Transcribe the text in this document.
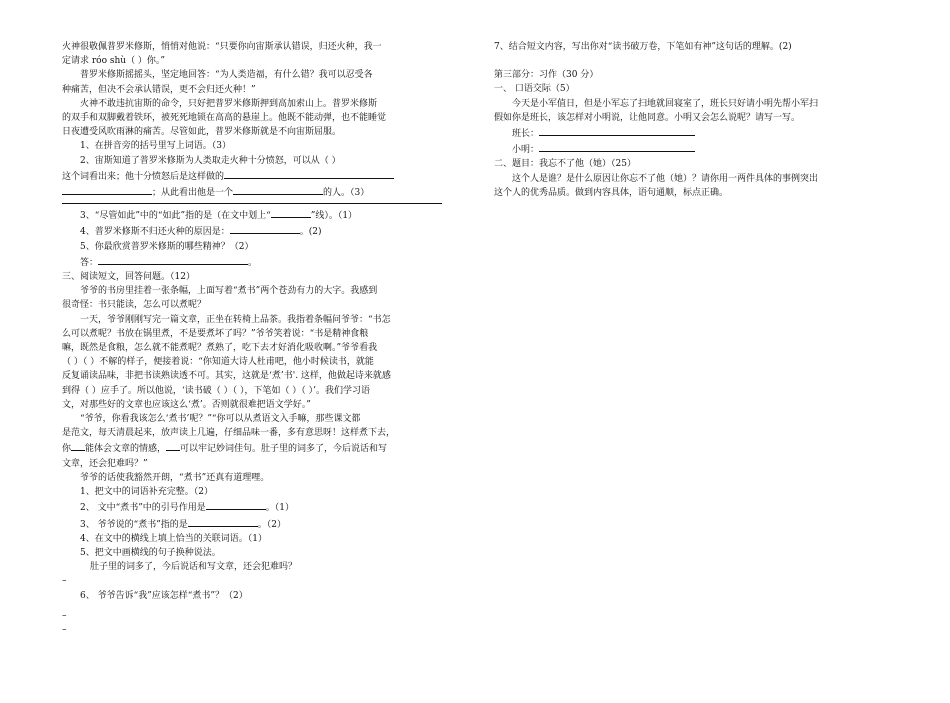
火神很敬佩普罗米修斯，悄悄对他说：“只要你向宙斯承认错误，归还火种，我一

定请求 róo shù（ ）你。”

普罗米修斯摇摇头，坚定地回答：“为人类造福，有什么错？我可以忍受各

种痛苦，但决不会承认错误，更不会归还火种！”

火神不敢违抗宙斯的命令，只好把普罗米修斯押到高加索山上。普罗米修斯

的双手和双脚戴着铁环，被死死地锁在高高的悬崖上。他既不能动弹，也不能睡觉

日夜遭受风吹雨淋的痛苦。尽管如此，普罗米修斯就是不向宙斯屈服。

1、在拼音旁的括号里写上词语。（3）

2、宙斯知道了普罗米修斯为人类取走火种十分愤怒，可以从（ ）

这个词看出来；他十分愤怒后是这样做的

；从此看出他是一个	的人。（3）

3、“尽管如此”中的“如此”指的是（在文中划上“	”线）。（1）

4、普罗米修斯不归还火种的原因是：	。(2)

5、你最欣赏普罗米修斯的哪些精神？（2）

答：	。

三、阅读短文，回答问题。（12）

爷爷的书房里挂着一张条幅，上面写着“煮书”两个苍劲有力的大字。我感到

很奇怪：书只能读，怎么可以煮呢？

一天，爷爷刚刚写完一篇文章，正坐在转椅上品茶。我指着条幅问爷爷：“书怎

么可以煮呢？书放在锅里煮，不是要煮坏了吗？”爷爷笑着说：“书是精神食粮

嘛，既然是食粮，怎么就不能煮呢？煮熟了，吃下去才好消化吸收啊。”爷爷看我

（ ）（ ）不解的样子，便接着说：“你知道大诗人杜甫吧，他小时候读书，就能

反复诵读品味，非把书读熟读透不可。其实，这就是‘煮’书'. 这样，他做起诗来就感

到得（ ）应手了。所以他说，‘读书破（ ）（ ），下笔如（ ）（ ）’。我们学习语

文，对那些好的文章也应该这么‘煮’。否则就很难把语文学好。”

“爷爷，你看我该怎么‘煮书’呢？”“你可以从煮语文入手嘛，那些课文都

是范文，每天清晨起来，放声读上几遍，仔细品味一番，多有意思呀！这样煮下去，

你 能体会文章的情感， 可以牢记妙词佳句。肚子里的词多了，今后说话和写

文章，还会犯难吗？”

爷爷的话使我豁然开朗，“煮书”还真有道理哩。

1、把文中的词语补充完整。（2）

2、 文中“煮书”中的引号作用是	。（1）

3、 爷爷说的“煮书”指的是	。（2）

4、在文中的横线上填上恰当的关联词语。（1）

5、把文中画横线的句子换种说法。

肚子里的词多了，今后说话和写文章，还会犯难吗？

–

6、 爷爷告诉“我”应该怎样“煮书”？（2）

–

–

7、结合短文内容，写出你对“读书破万卷，下笔如有神”这句话的理解。(2)

第三部分：习作（30 分）

一、 口语交际（5）

今天是小军值日，但是小军忘了扫地就回寝室了，班长只好请小明先帮小军扫

假如你是班长，该怎样对小明说，让他同意。小明又会怎么说呢？请写一写。

班长：

小明：

二、题目：我忘不了他（她）（25）

这个人是谁？是什么原因让你忘不了他（她）？请你用一两件具体的事例突出

这个人的优秀品质。做到内容具体，语句通顺，标点正确。
